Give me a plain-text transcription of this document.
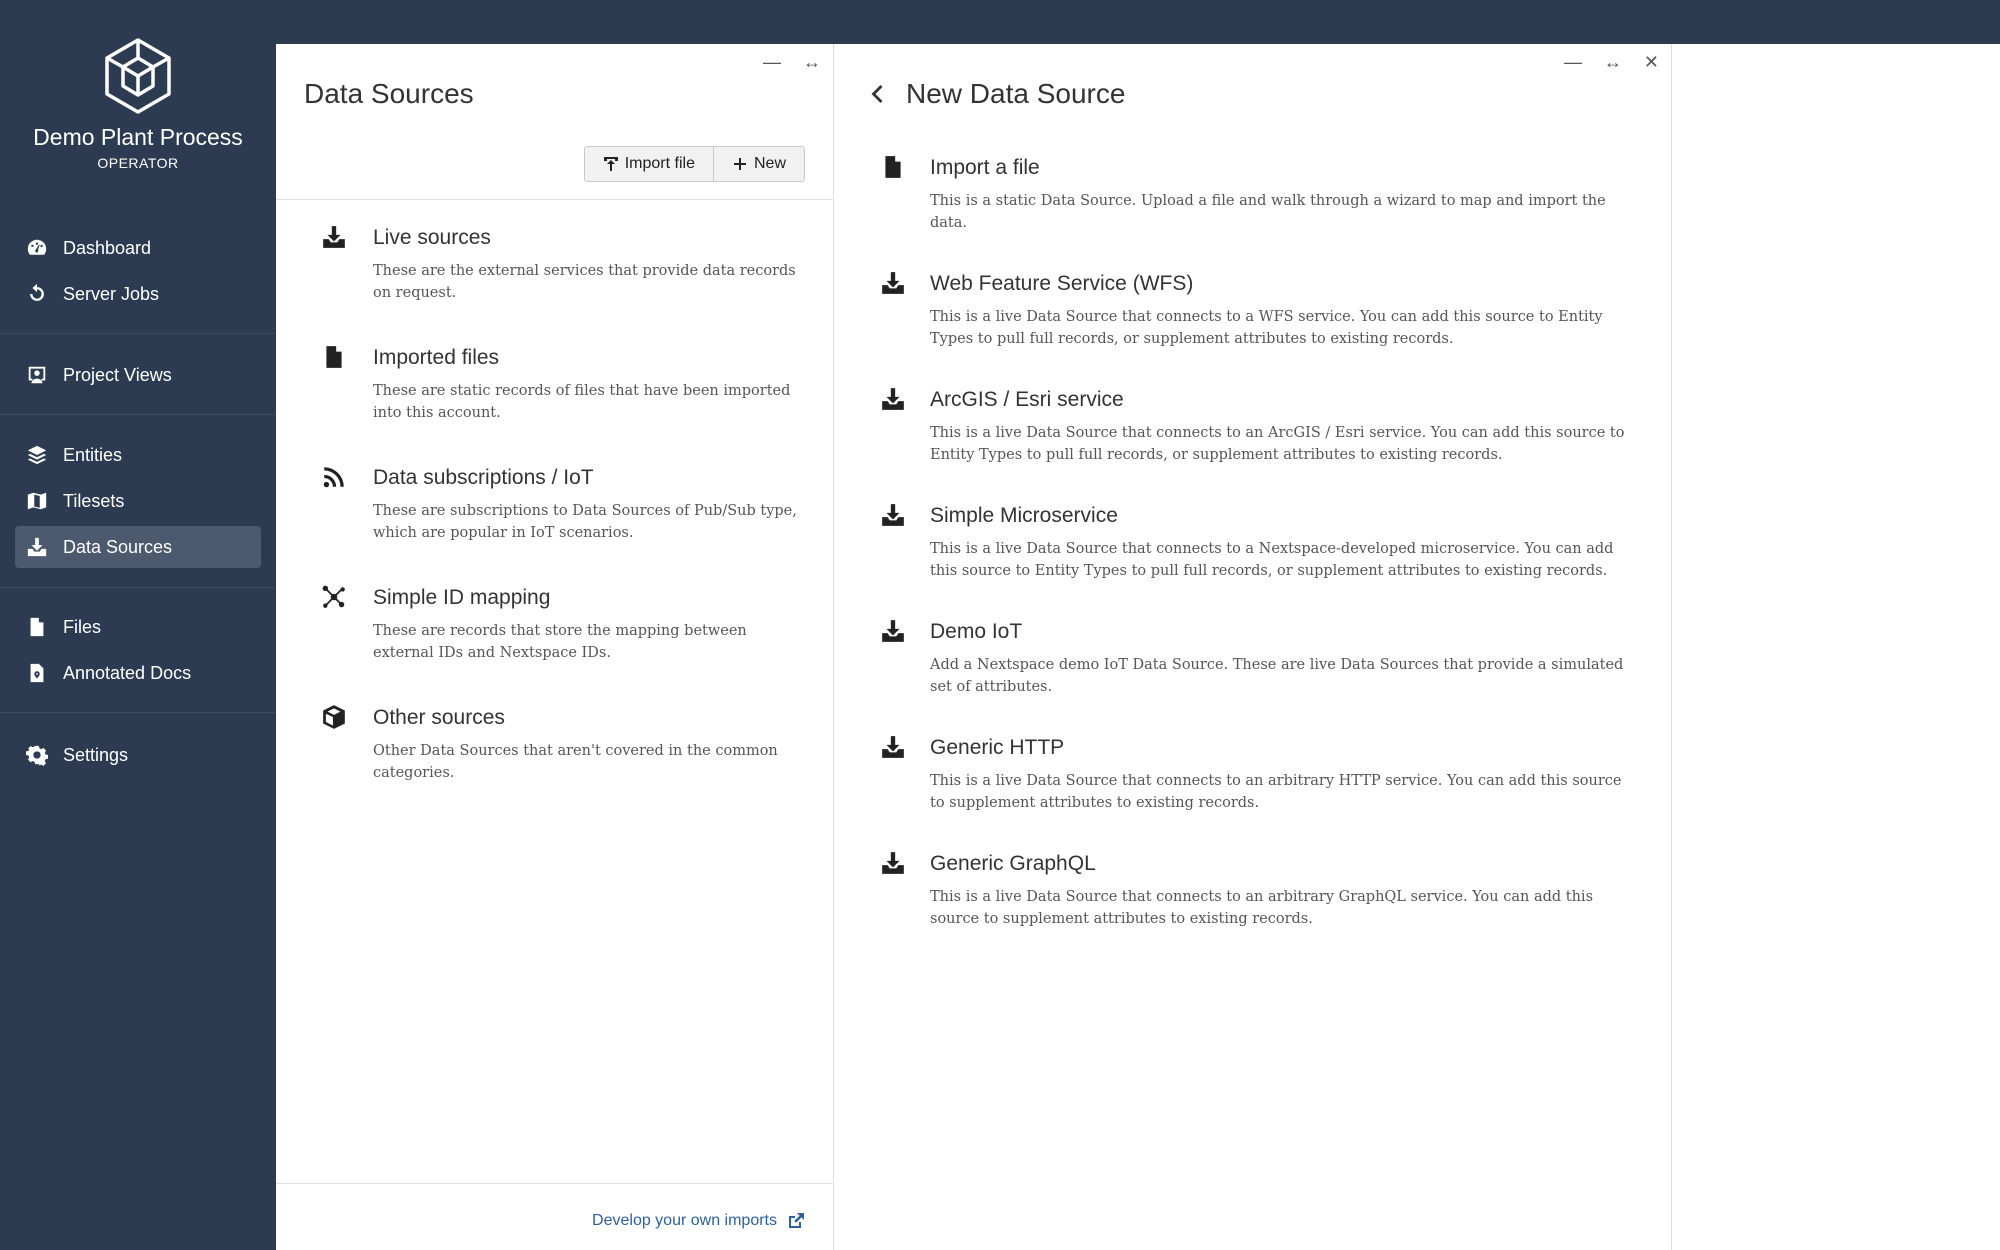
Demo Plant Process
OPERATOR
Dashboard
Server Jobs
Project Views
Entities
Tilesets
Data Sources
Files
Annotated Docs
Settings
— ↔
Data Sources
Import file	New
Live sources
These are the external services that provide data records on request.
Imported files
These are static records of files that have been imported into this account.
Data subscriptions / IoT
These are subscriptions to Data Sources of Pub/Sub type, which are popular in IoT scenarios.
Simple ID mapping
These are records that store the mapping between external IDs and Nextspace IDs.
Other sources
Other Data Sources that aren't covered in the common categories.
Develop your own imports
— ↔ ✕
New Data Source
Import a file
This is a static Data Source. Upload a file and walk through a wizard to map and import the data.
Web Feature Service (WFS)
This is a live Data Source that connects to a WFS service. You can add this source to Entity Types to pull full records, or supplement attributes to existing records.
ArcGIS / Esri service
This is a live Data Source that connects to an ArcGIS / Esri service. You can add this source to Entity Types to pull full records, or supplement attributes to existing records.
Simple Microservice
This is a live Data Source that connects to a Nextspace-developed microservice. You can add this source to Entity Types to pull full records, or supplement attributes to existing records.
Demo IoT
Add a Nextspace demo IoT Data Source. These are live Data Sources that provide a simulated set of attributes.
Generic HTTP
This is a live Data Source that connects to an arbitrary HTTP service. You can add this source to supplement attributes to existing records.
Generic GraphQL
This is a live Data Source that connects to an arbitrary GraphQL service. You can add this source to supplement attributes to existing records.
